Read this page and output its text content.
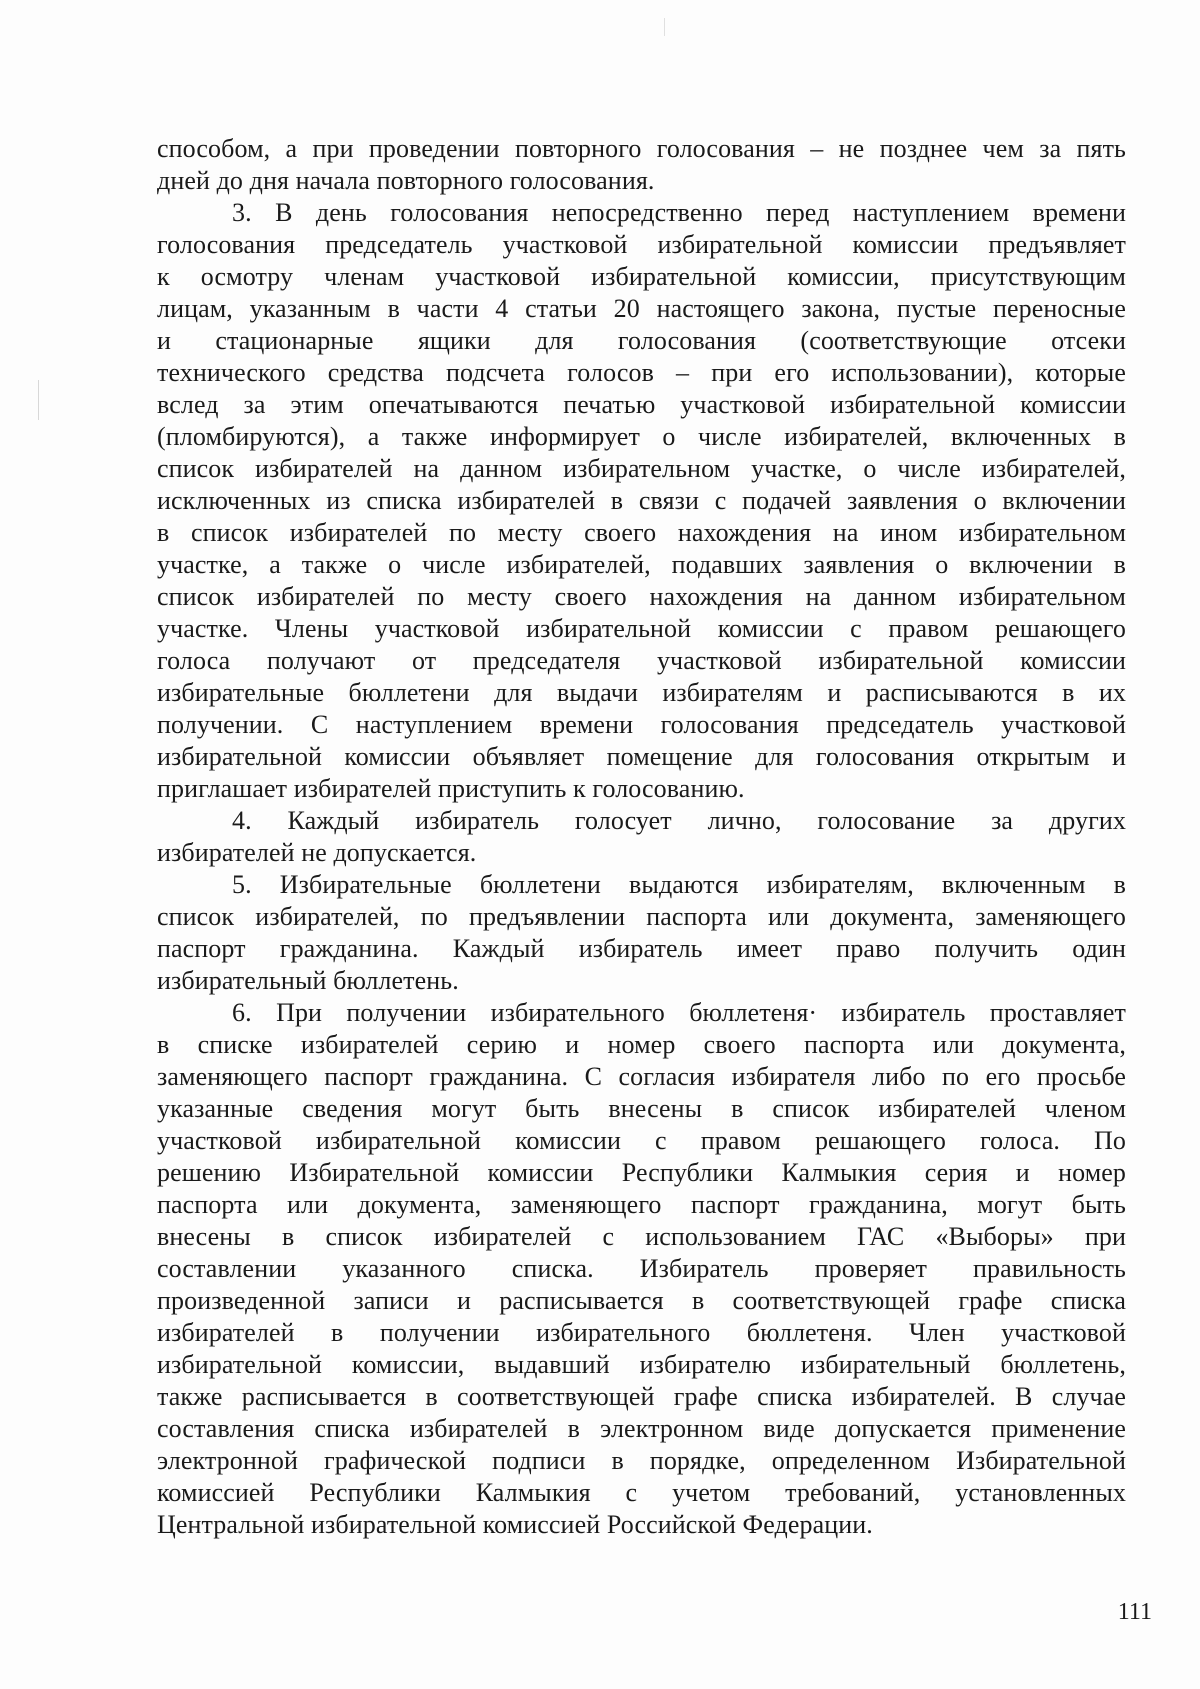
способом, а при проведении повторного голосования – не позднее чем за пять
дней до дня начала повторного голосования.
3. В день голосования непосредственно перед наступлением времени
голосования председатель участковой избирательной комиссии предъявляет
к осмотру членам участковой избирательной комиссии, присутствующим
лицам, указанным в части 4 статьи 20 настоящего закона, пустые переносные
и стационарные ящики для голосования (соответствующие отсеки
технического средства подсчета голосов – при его использовании), которые
вслед за этим опечатываются печатью участковой избирательной комиссии
(пломбируются), а также информирует о числе избирателей, включенных в
список избирателей на данном избирательном участке, о числе избирателей,
исключенных из списка избирателей в связи с подачей заявления о включении
в список избирателей по месту своего нахождения на ином избирательном
участке, а также о числе избирателей, подавших заявления о включении в
список избирателей по месту своего нахождения на данном избирательном
участке. Члены участковой избирательной комиссии с правом решающего
голоса получают от председателя участковой избирательной комиссии
избирательные бюллетени для выдачи избирателям и расписываются в их
получении. С наступлением времени голосования председатель участковой
избирательной комиссии объявляет помещение для голосования открытым и
приглашает избирателей приступить к голосованию.
4. Каждый избиратель голосует лично, голосование за других
избирателей не допускается.
5. Избирательные бюллетени выдаются избирателям, включенным в
список избирателей, по предъявлении паспорта или документа, заменяющего
паспорт гражданина. Каждый избиратель имеет право получить один
избирательный бюллетень.
6. При получении избирательного бюллетеня· избиратель проставляет
в списке избирателей серию и номер своего паспорта или документа,
заменяющего паспорт гражданина. С согласия избирателя либо по его просьбе
указанные сведения могут быть внесены в список избирателей членом
участковой избирательной комиссии с правом решающего голоса. По
решению Избирательной комиссии Республики Калмыкия серия и номер
паспорта или документа, заменяющего паспорт гражданина, могут быть
внесены в список избирателей с использованием ГАС «Выборы» при
составлении указанного списка. Избиратель проверяет правильность
произведенной записи и расписывается в соответствующей графе списка
избирателей в получении избирательного бюллетеня. Член участковой
избирательной комиссии, выдавший избирателю избирательный бюллетень,
также расписывается в соответствующей графе списка избирателей. В случае
составления списка избирателей в электронном виде допускается применение
электронной графической подписи в порядке, определенном Избирательной
комиссией Республики Калмыкия с учетом требований, установленных
Центральной избирательной комиссией Российской Федерации.
111
